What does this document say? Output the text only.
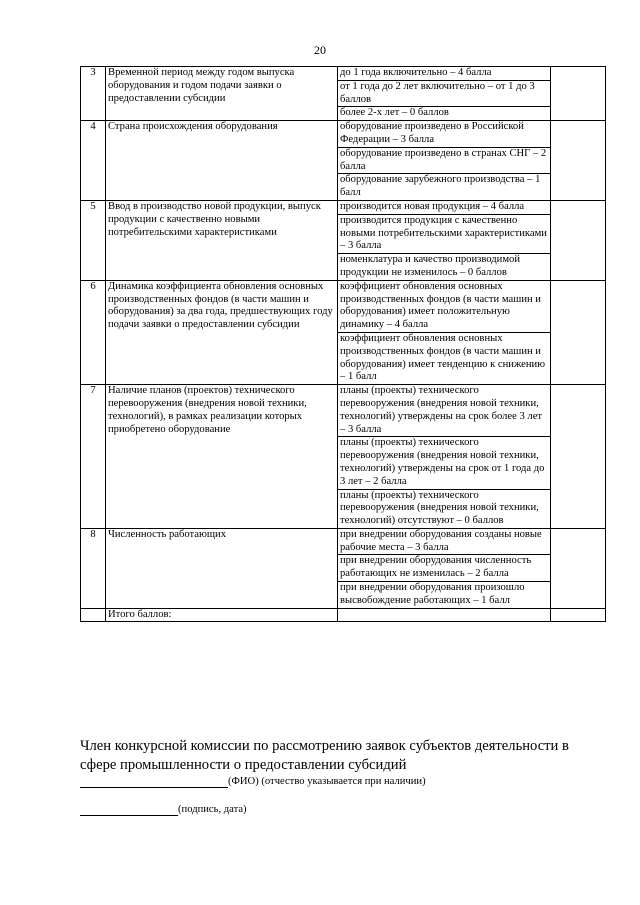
20
3	Временной период между годом выпуска оборудования и годом подачи заявки о предоставлении субсидии	до 1 года включительно – 4 балла	
		от 1 года до 2 лет включительно – от 1 до 3 баллов	
		более 2-х лет – 0 баллов	
4	Страна происхождения оборудования	оборудование произведено в Российской Федерации – 3 балла	
		оборудование произведено в странах СНГ – 2 балла	
		оборудование зарубежного производства – 1 балл	
5	Ввод в производство новой продукции, выпуск продукции с качественно новыми потребительскими характеристиками	производится новая продукция – 4 балла	
		производится продукция с качественно новыми потребительскими характеристиками – 3 балла	
		номенклатура и качество производимой продукции не изменилось – 0 баллов	
6	Динамика коэффициента обновления основных производственных фондов (в части машин и оборудования) за два года, предшествующих году подачи заявки о предоставлении субсидии	коэффициент обновления основных производственных фондов (в части машин и оборудования) имеет положительную динамику – 4 балла	
		коэффициент обновления основных производственных фондов (в части машин и оборудования) имеет тенденцию к снижению – 1 балл	
7	Наличие планов (проектов) технического перевооружения (внедрения новой техники, технологий), в рамках реализации которых приобретено оборудование	планы (проекты) технического перевооружения (внедрения новой техники, технологий) утверждены на срок более 3 лет – 3 балла	
		планы (проекты) технического перевооружения (внедрения новой техники, технологий) утверждены на срок от 1 года до 3 лет – 2 балла	
		планы (проекты) технического перевооружения (внедрения новой техники, технологий) отсутствуют – 0 баллов	
8	Численность работающих	при внедрении оборудования созданы новые рабочие места – 3 балла	
		при внедрении оборудования численность работающих не изменилась – 2 балла	
		при внедрении оборудования произошло высвобождение работающих – 1 балл	
	Итого баллов:		
Член конкурсной комиссии по рассмотрению заявок субъектов деятельности в сфере промышленности о предоставлении субсидий
(ФИО) (отчество указывается при наличии)
(подпись, дата)
